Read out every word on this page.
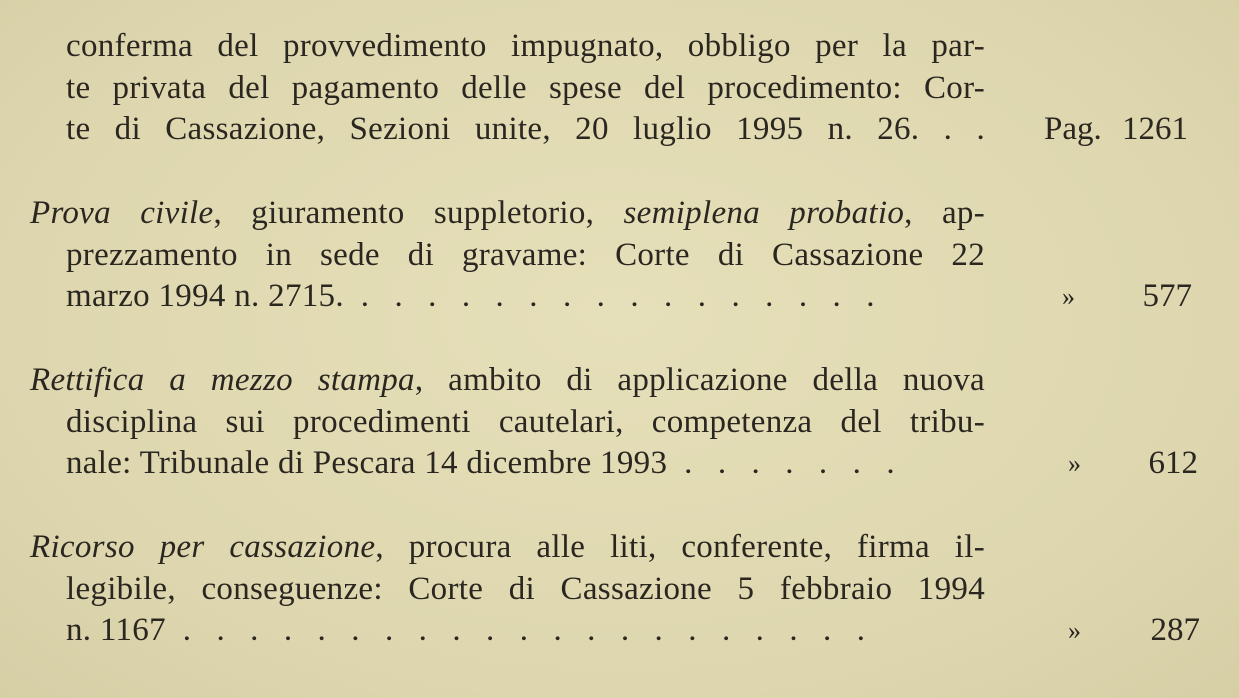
conferma del provvedimento impugnato, obbligo per la par-
te privata del pagamento delle spese del procedimento: Cor-
te di Cassazione, Sezioni unite, 20 luglio 1995 n. 26. . . Pag. 1261
Prova civile, giuramento suppletorio, semiplena probatio, ap-
prezzamento in sede di gravame: Corte di Cassazione 22
marzo 1994 n. 2715. . . . . . . . . . . . . . . . .	» 577
Rettifica a mezzo stampa, ambito di applicazione della nuova
disciplina sui procedimenti cautelari, competenza del tribu-
nale: Tribunale di Pescara 14 dicembre 1993 . . . . . . .	» 612
Ricorso per cassazione, procura alle liti, conferente, firma il-
legibile, conseguenze: Corte di Cassazione 5 febbraio 1994
n. 1167 . . . . . . . . . . . . . . . . . . . . .	» 287
